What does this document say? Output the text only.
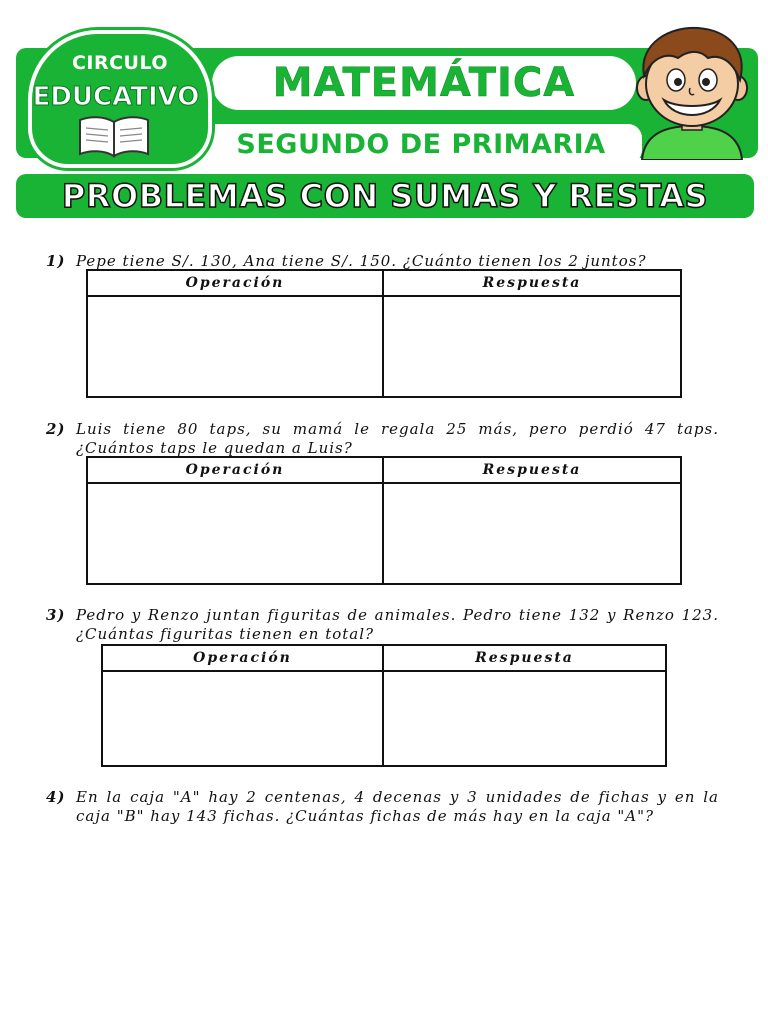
MATEMÁTICA
SEGUNDO DE PRIMARIA
CIRCULO
EDUCATIVO
PROBLEMAS CON SUMAS Y RESTAS
1) Pepe tiene S/. 130, Ana tiene S/. 150. ¿Cuánto tienen los 2 juntos?
Operación	Respuesta
2) Luis tiene 80 taps, su mamá le regala 25 más, pero perdió 47 taps. ¿Cuántos taps le quedan a Luis?
Operación	Respuesta
3) Pedro y Renzo juntan figuritas de animales. Pedro tiene 132 y Renzo 123. ¿Cuántas figuritas tienen en total?
Operación	Respuesta
4) En la caja "A" hay 2 centenas, 4 decenas y 3 unidades de fichas y en la caja "B" hay 143 fichas. ¿Cuántas fichas de más hay en la caja "A"?
